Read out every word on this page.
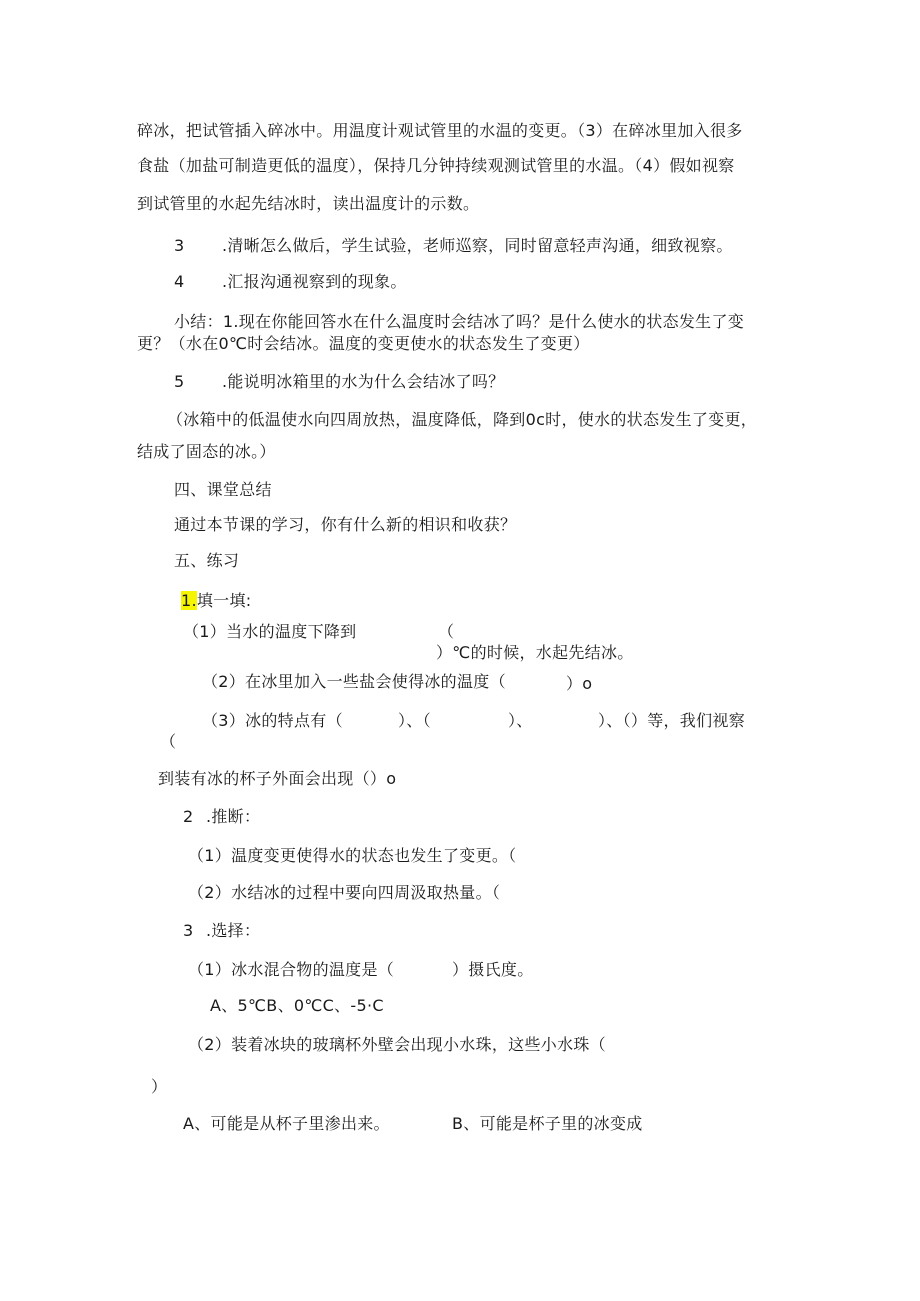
碎冰，把试管插入碎冰中。用温度计观试管里的水温的变更。（3）在碎冰里加入很多
食盐（加盐可制造更低的温度），保持几分钟持续观测试管里的水温。（4）假如视察
到试管里的水起先结冰时，读出温度计的示数。
3 .清晰怎么做后，学生试验，老师巡察，同时留意轻声沟通，细致视察。
4 .汇报沟通视察到的现象。
小结：1.现在你能回答水在什么温度时会结冰了吗？是什么使水的状态发生了变
更？（水在0℃时会结冰。温度的变更使水的状态发生了变更）
5 .能说明冰箱里的水为什么会结冰了吗？
（冰箱中的低温使水向四周放热，温度降低，降到0c时，使水的状态发生了变更，
结成了固态的冰。）
四、课堂总结
通过本节课的学习，你有什么新的相识和收获？
五、练习
1.填一填:
（1）当水的温度下降到	（
）℃的时候，水起先结冰。
（2）在冰里加入一些盐会使得冰的温度（	）o
（3）冰的特点有（	）、（	）、	）、（）等，我们视察
（
到装有冰的杯子外面会出现（）o
2 .推断：
（1）温度变更使得水的状态也发生了变更。（
（2）水结冰的过程中要向四周汲取热量。（
3 .选择：
（1）冰水混合物的温度是（	）摄氏度。
A、5℃B、0℃C、-5·C
（2）装着冰块的玻璃杯外壁会出现小水珠，这些小水珠（
）
A、可能是从杯子里渗出来。	B、可能是杯子里的冰变成
